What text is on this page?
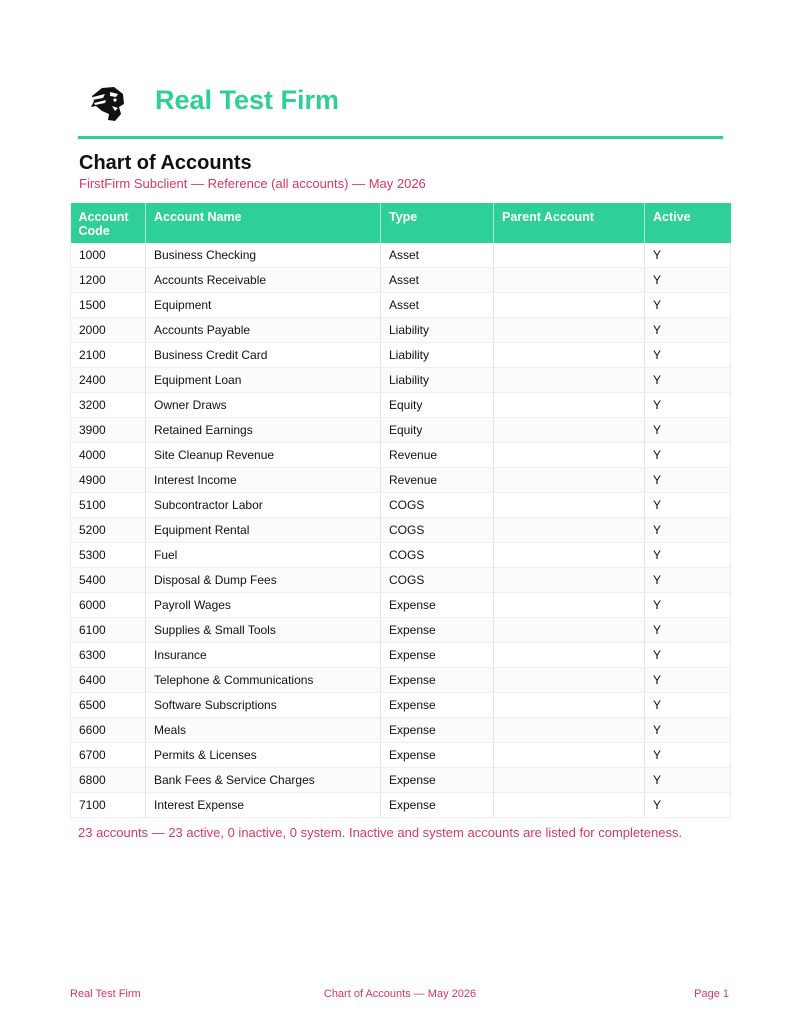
Real Test Firm
Chart of Accounts
FirstFirm Subclient — Reference (all accounts) — May 2026
Account Code	Account Name	Type	Parent Account	Active
1000	Business Checking	Asset		Y
1200	Accounts Receivable	Asset		Y
1500	Equipment	Asset		Y
2000	Accounts Payable	Liability		Y
2100	Business Credit Card	Liability		Y
2400	Equipment Loan	Liability		Y
3200	Owner Draws	Equity		Y
3900	Retained Earnings	Equity		Y
4000	Site Cleanup Revenue	Revenue		Y
4900	Interest Income	Revenue		Y
5100	Subcontractor Labor	COGS		Y
5200	Equipment Rental	COGS		Y
5300	Fuel	COGS		Y
5400	Disposal & Dump Fees	COGS		Y
6000	Payroll Wages	Expense		Y
6100	Supplies & Small Tools	Expense		Y
6300	Insurance	Expense		Y
6400	Telephone & Communications	Expense		Y
6500	Software Subscriptions	Expense		Y
6600	Meals	Expense		Y
6700	Permits & Licenses	Expense		Y
6800	Bank Fees & Service Charges	Expense		Y
7100	Interest Expense	Expense		Y
23 accounts — 23 active, 0 inactive, 0 system. Inactive and system accounts are listed for completeness.
Real Test Firm	Chart of Accounts — May 2026	Page 1
